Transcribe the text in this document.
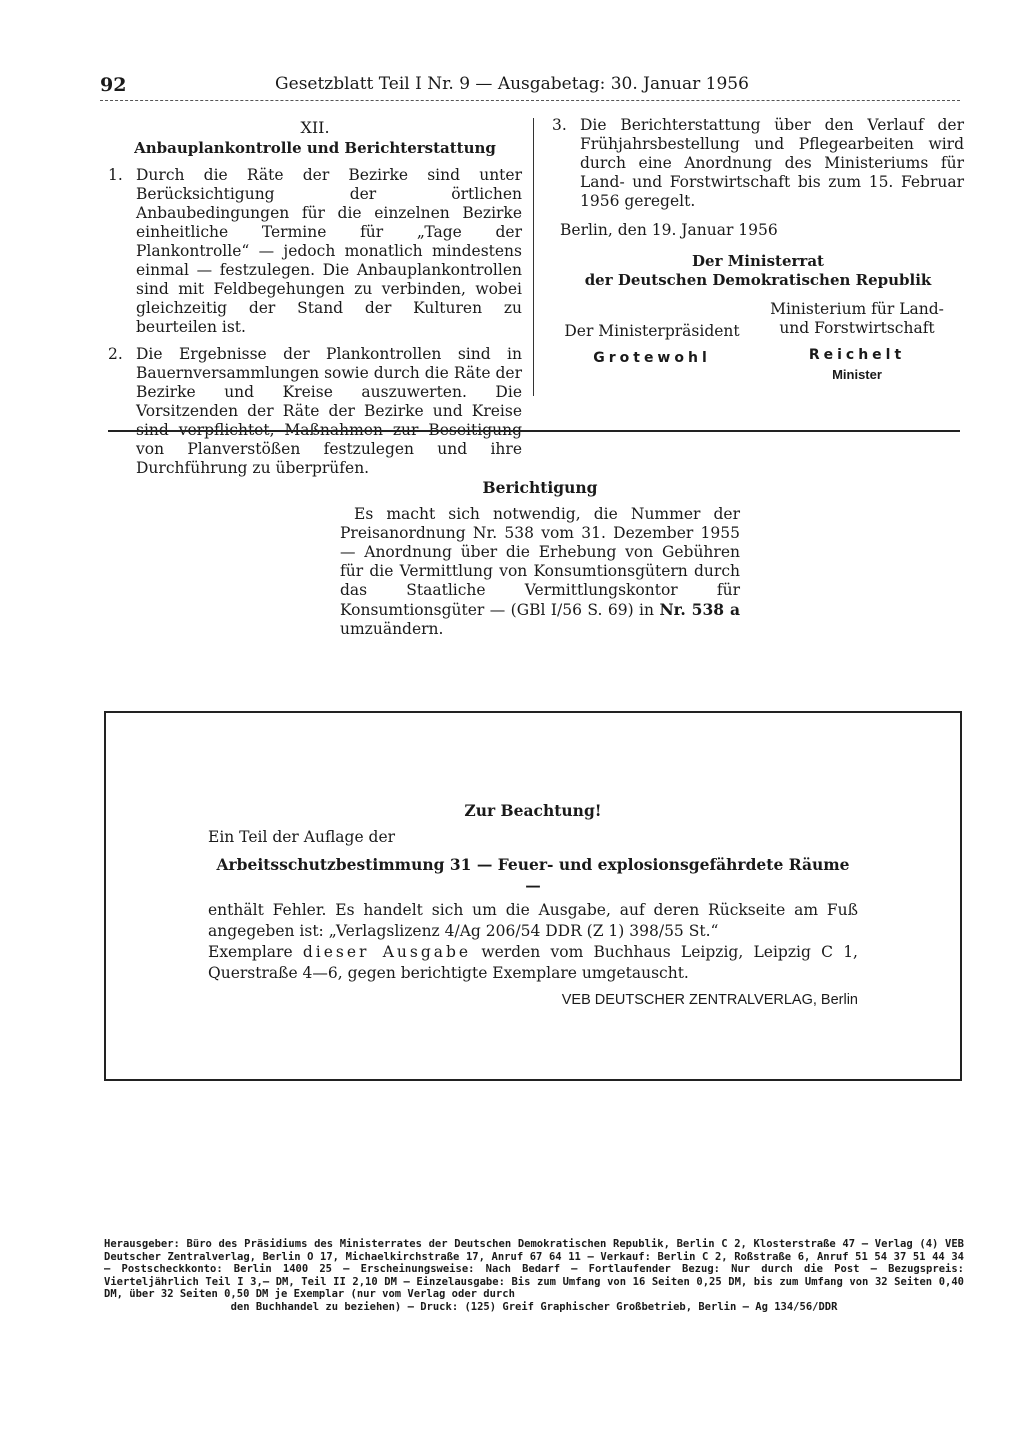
92	Gesetzblatt Teil I Nr. 9 — Ausgabetag: 30. Januar 1956
XII.
Anbauplankontrolle und Berichterstattung
1. Durch die Räte der Bezirke sind unter Berücksichtigung der örtlichen Anbaubedingungen für die einzelnen Bezirke einheitliche Termine für „Tage der Plankontrolle“ — jedoch monatlich mindestens einmal — festzulegen. Die Anbauplankontrollen sind mit Feldbegehungen zu verbinden, wobei gleichzeitig der Stand der Kulturen zu beurteilen ist.
2. Die Ergebnisse der Plankontrollen sind in Bauernversammlungen sowie durch die Räte der Bezirke und Kreise auszuwerten. Die Vorsitzenden der Räte der Bezirke und Kreise sind verpflichtet, Maßnahmen zur Beseitigung von Planverstößen festzulegen und ihre Durchführung zu überprüfen.
3. Die Berichterstattung über den Verlauf der Frühjahrsbestellung und Pflegearbeiten wird durch eine Anordnung des Ministeriums für Land- und Forstwirtschaft bis zum 15. Februar 1956 geregelt.
Berlin, den 19. Januar 1956
Der Ministerrat
der Deutschen Demokratischen Republik
Der Ministerpräsident
Grotewohl
Ministerium für Land-
und Forstwirtschaft
Reichelt
Minister
Berichtigung
Es macht sich notwendig, die Nummer der Preisanordnung Nr. 538 vom 31. Dezember 1955 — Anordnung über die Erhebung von Gebühren für die Vermittlung von Konsumtionsgütern durch das Staatliche Vermittlungskontor für Konsumtionsgüter — (GBl I/56 S. 69) in Nr. 538 a umzuändern.
Zur Beachtung!
Ein Teil der Auflage der
Arbeitsschutzbestimmung 31 — Feuer- und explosionsgefährdete Räume —
enthält Fehler. Es handelt sich um die Ausgabe, auf deren Rückseite am Fuß angegeben ist: „Verlagslizenz 4/Ag 206/54 DDR (Z 1) 398/55 St.“
Exemplare dieser Ausgabe werden vom Buchhaus Leipzig, Leipzig C 1, Querstraße 4—6, gegen berichtigte Exemplare umgetauscht.
VEB DEUTSCHER ZENTRALVERLAG, Berlin
Herausgeber: Büro des Präsidiums des Ministerrates der Deutschen Demokratischen Republik, Berlin C 2, Klosterstraße 47 — Verlag (4) VEB Deutscher Zentralverlag, Berlin O 17, Michaelkirchstraße 17, Anruf 67 64 11 — Verkauf: Berlin C 2, Roßstraße 6, Anruf 51 54 37 51 44 34 — Postscheckkonto: Berlin 1400 25 — Erscheinungsweise: Nach Bedarf — Fortlaufender Bezug: Nur durch die Post — Bezugspreis: Vierteljährlich Teil I 3,— DM, Teil II 2,10 DM — Einzelausgabe: Bis zum Umfang von 16 Seiten 0,25 DM, bis zum Umfang von 32 Seiten 0,40 DM, über 32 Seiten 0,50 DM je Exemplar (nur vom Verlag oder durch
den Buchhandel zu beziehen) — Druck: (125) Greif Graphischer Großbetrieb, Berlin — Ag 134/56/DDR
